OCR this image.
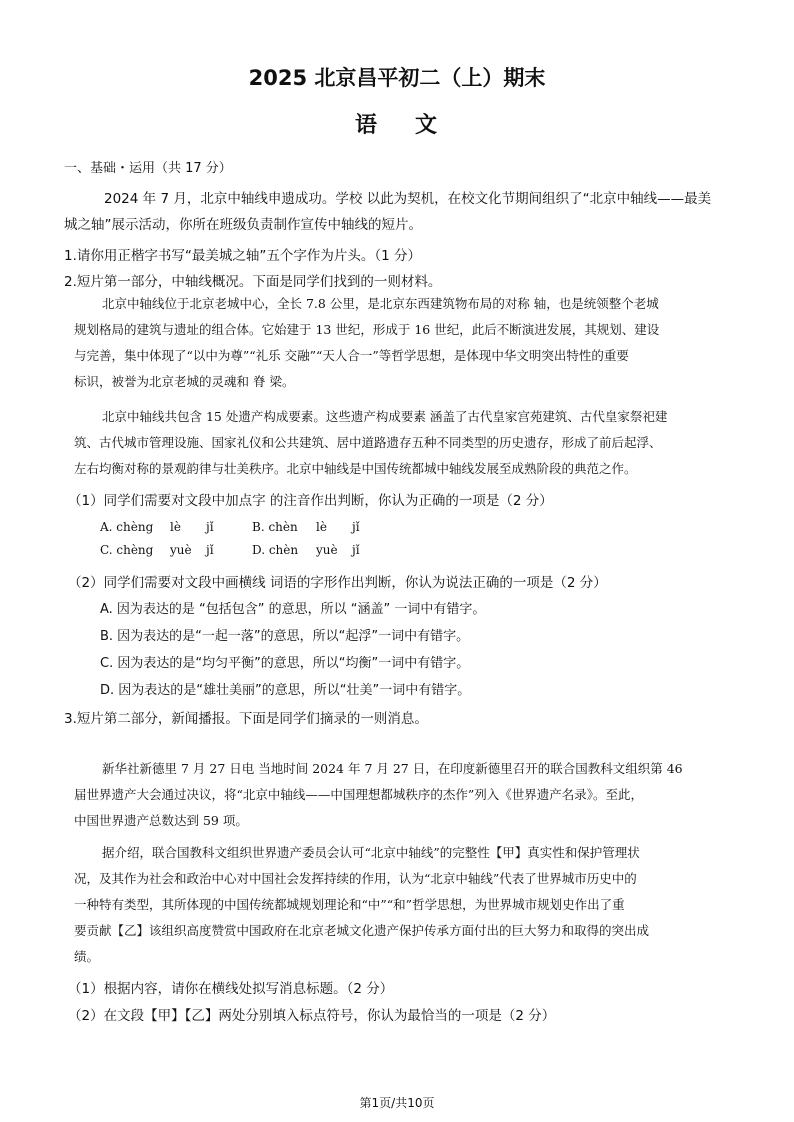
2025 北京昌平初二（上）期末
语 文
一、基础・运用（共 17 分）
2024 年 7 月，北京中轴线申遗成功。学校 以此为契机，在校文化节期间组织了“北京中轴线——最美
城之轴”展示活动，你所在班级负责制作宣传中轴线的短片。
1.请你用正楷字书写“最美城之轴”五个字作为片头。（1 分）
2.短片第一部分，中轴线概况。下面是同学们找到的一则材料。
北京中轴线位于北京老城中心，全长 7.8 公里，是北京东西建筑物布局的对称 轴，也是统领整个老城
规划格局的建筑与遗址的组合体。它始建于 13 世纪，形成于 16 世纪，此后不断演进发展，其规划、建设
与完善，集中体现了“以中为尊”“礼乐 交融”“天人合一”等哲学思想，是体现中华文明突出特性的重要
标识，被誉为北京老城的灵魂和 脊 梁。
北京中轴线共包含 15 处遗产构成要素。这些遗产构成要素 涵盖了古代皇家宫苑建筑、古代皇家祭祀建
筑、古代城市管理设施、国家礼仪和公共建筑、居中道路遗存五种不同类型的历史遗存，形成了前后起浮、
左右均衡对称的景观韵律与壮美秩序。北京中轴线是中国传统都城中轴线发展至成熟阶段的典范之作。
（1）同学们需要对文段中加点字 的注音作出判断，你认为正确的一项是（2 分）
A. chèng lè jǐ	B. chèn lè jǐ
C. chèng yuè jǐ	D. chèn yuè jǐ
（2）同学们需要对文段中画横线 词语的字形作出判断，你认为说法正确的一项是（2 分）
A. 因为表达的是 “包括包含” 的意思，所以 “涵盖” 一词中有错字。
B. 因为表达的是“一起一落”的意思，所以“起浮”一词中有错字。
C. 因为表达的是“均匀平衡”的意思，所以“均衡”一词中有错字。
D. 因为表达的是“雄壮美丽”的意思，所以“壮美”一词中有错字。
3.短片第二部分，新闻播报。下面是同学们摘录的一则消息。
新华社新德里 7 月 27 日电 当地时间 2024 年 7 月 27 日，在印度新德里召开的联合国教科文组织第 46
届世界遗产大会通过决议，将“北京中轴线——中国理想都城秩序的杰作”列入《世界遗产名录》。至此，
中国世界遗产总数达到 59 项。
据介绍，联合国教科文组织世界遗产委员会认可“北京中轴线”的完整性【甲】真实性和保护管理状
况，及其作为社会和政治中心对中国社会发挥持续的作用，认为“北京中轴线”代表了世界城市历史中的
一种特有类型，其所体现的中国传统都城规划理论和“中”“和”哲学思想，为世界城市规划史作出了重
要贡献【乙】该组织高度赞赏中国政府在北京老城文化遗产保护传承方面付出的巨大努力和取得的突出成
绩。
（1）根据内容，请你在横线处拟写消息标题。（2 分）
（2）在文段【甲】【乙】两处分别填入标点符号，你认为最恰当的一项是（2 分）
第1页/共10页
